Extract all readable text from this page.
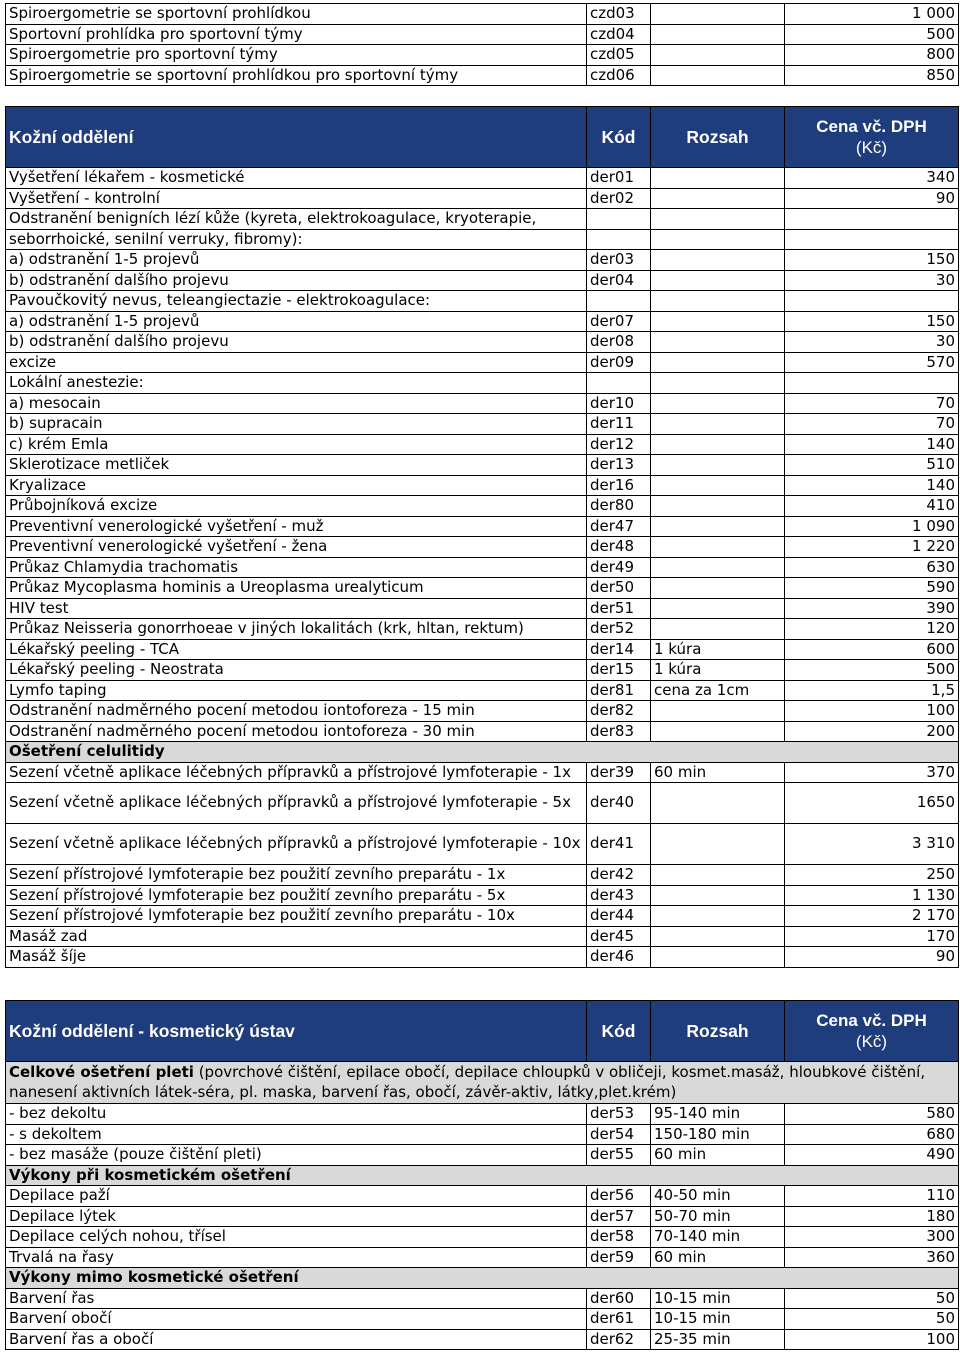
Spiroergometrie se sportovní prohlídkou	czd03		1 000
Sportovní prohlídka pro sportovní týmy	czd04		500
Spiroergometrie pro sportovní týmy	czd05		800
Spiroergometrie se sportovní prohlídkou pro sportovní týmy	czd06		850
Kožní oddělení	Kód	Rozsah	Cena vč. DPH
(Kč)

Vyšetření lékařem - kosmetické	der01		340
Vyšetření - kontrolní	der02		90
Odstranění benigních lézí kůže (kyreta, elektrokoagulace, kryoterapie,			
seborrhoické, senilní verruky, fibromy):			
a) odstranění 1-5 projevů	der03		150
b) odstranění dalšího projevu	der04		30
Pavoučkovitý nevus, teleangiectazie - elektrokoagulace:			
a) odstranění 1-5 projevů	der07		150
b) odstranění dalšího projevu	der08		30
excize	der09		570
Lokální anestezie:			
a) mesocain	der10		70
b) supracain	der11		70
c) krém Emla	der12		140
Sklerotizace metliček	der13		510
Kryalizace	der16		140
Průbojníková excize	der80		410
Preventivní venerologické vyšetření - muž	der47		1 090
Preventivní venerologické vyšetření - žena	der48		1 220
Průkaz Chlamydia trachomatis	der49		630
Průkaz Mycoplasma hominis a Ureoplasma urealyticum	der50		590
HIV test	der51		390
Průkaz Neisseria gonorrhoeae v jiných lokalitách (krk, hltan, rektum)	der52		120
Lékařský peeling - TCA	der14	1 kúra	600
Lékařský peeling - Neostrata	der15	1 kúra	500
Lymfo taping	der81	cena za 1cm	1,5
Odstranění nadměrného pocení metodou iontoforeza - 15 min	der82		100
Odstranění nadměrného pocení metodou iontoforeza - 30 min	der83		200
Ošetření celulitidy			
Sezení včetně aplikace léčebných přípravků a přístrojové lymfoterapie - 1x	der39	60 min	370
Sezení včetně aplikace léčebných přípravků a přístrojové lymfoterapie - 5x	der40		1650
Sezení včetně aplikace léčebných přípravků a přístrojové lymfoterapie - 10x	der41		3 310
Sezení přístrojové lymfoterapie bez použití zevního preparátu - 1x	der42		250
Sezení přístrojové lymfoterapie bez použití zevního preparátu - 5x	der43		1 130
Sezení přístrojové lymfoterapie bez použití zevního preparátu - 10x	der44		2 170
Masáž zad	der45		170
Masáž šíje	der46		90
Kožní oddělení - kosmetický ústav	Kód	Rozsah	Cena vč. DPH
(Kč)

Celkové ošetření pleti (povrchové čištění, epilace obočí, depilace chloupků v obličeji, kosmet.masáž, hloubkové čištění, nanesení aktivních látek-séra, pl. maska, barvení řas, obočí, závěr-aktiv, látky,plet.krém)			
- bez dekoltu	der53	95-140 min	580
- s dekoltem	der54	150-180 min	680
- bez masáže (pouze čištění pleti)	der55	60 min	490
Výkony při kosmetickém ošetření			
Depilace paží	der56	40-50 min	110
Depilace lýtek	der57	50-70 min	180
Depilace celých nohou, třísel	der58	70-140 min	300
Trvalá na řasy	der59	60 min	360
Výkony mimo kosmetické ošetření			
Barvení řas	der60	10-15 min	50
Barvení obočí	der61	10-15 min	50
Barvení řas a obočí	der62	25-35 min	100
